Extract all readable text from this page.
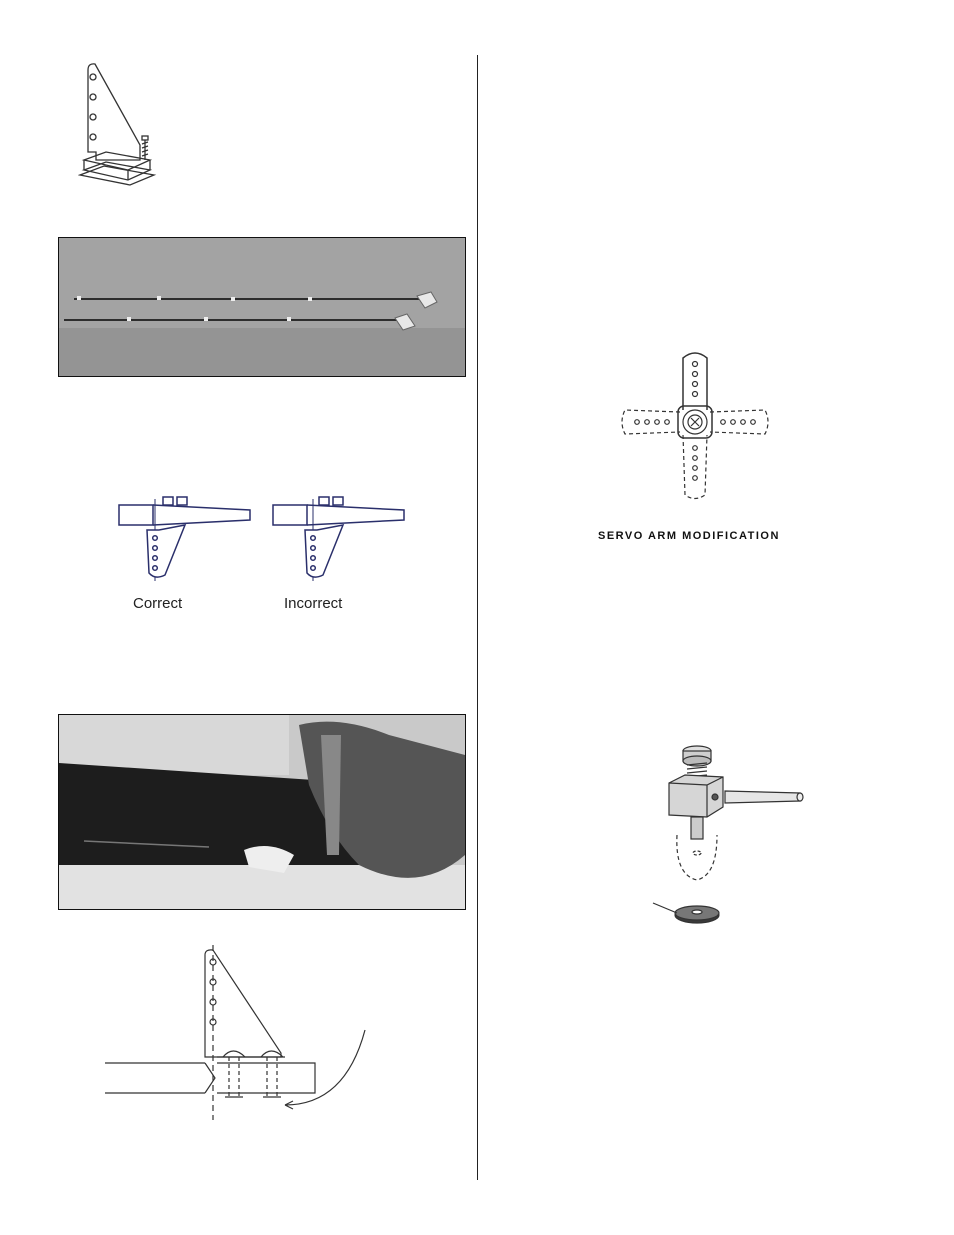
Correct	Incorrect
SERVO ARM MODIFICATION
